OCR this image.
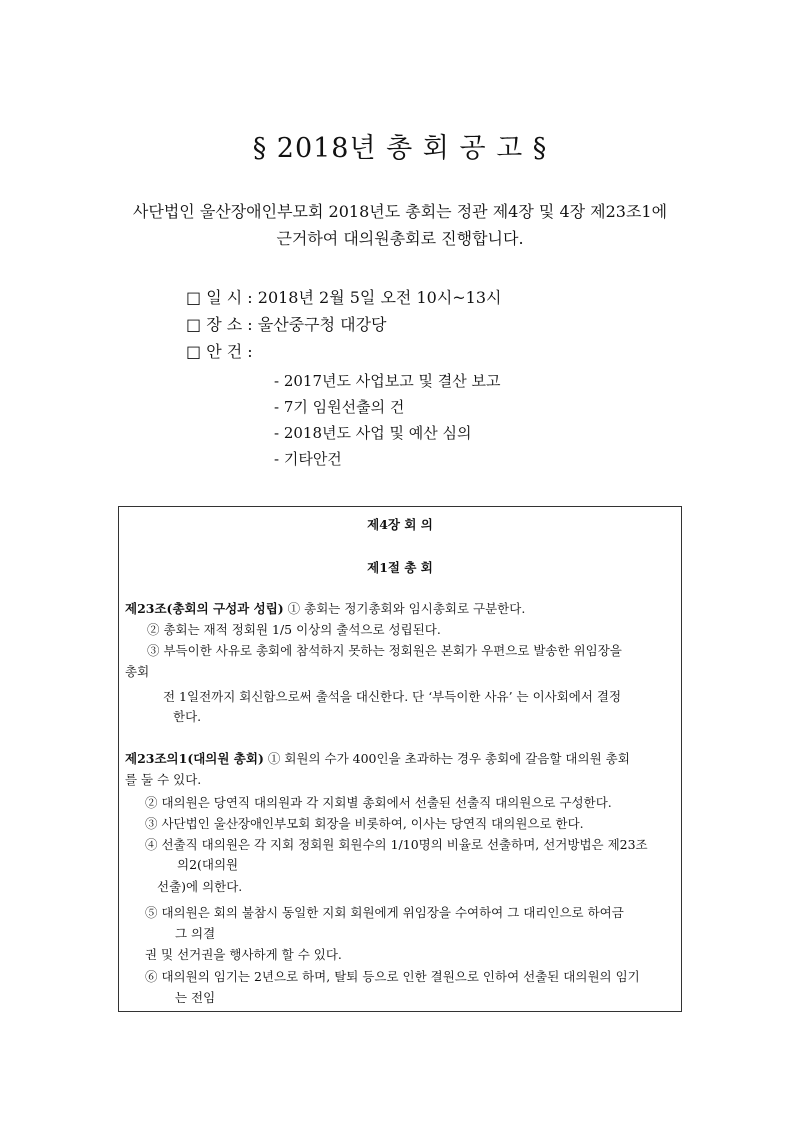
§ 2018년 총 회 공 고 §
사단법인 울산장애인부모회 2018년도 총회는 정관 제4장 및 4장 제23조1에
근거하여 대의원총회로 진행합니다.
□ 일 시 : 2018년 2월 5일 오전 10시~13시
□ 장 소 : 울산중구청 대강당
□ 안 건 :
- 2017년도 사업보고 및 결산 보고
- 7기 임원선출의 건
- 2018년도 사업 및 예산 심의
- 기타안건
제4장 회 의
제1절 총 회
제23조(총회의 구성과 성립) ① 총회는 정기총회와 임시총회로 구분한다.
② 총회는 재적 정회원 1/5 이상의 출석으로 성립된다.
③ 부득이한 사유로 총회에 참석하지 못하는 정회원은 본회가 우편으로 발송한 위임장을
총회
전 1일전까지 회신함으로써 출석을 대신한다. 단 ‘부득이한 사유’ 는 이사회에서 결정
한다.
제23조의1(대의원 총회) ① 회원의 수가 400인을 초과하는 경우 총회에 갈음할 대의원 총회
를 둘 수 있다.
② 대의원은 당연직 대의원과 각 지회별 총회에서 선출된 선출직 대의원으로 구성한다.
③ 사단법인 울산장애인부모회 회장을 비롯하여, 이사는 당연직 대의원으로 한다.
④ 선출직 대의원은 각 지회 정회원 회원수의 1/10명의 비율로 선출하며, 선거방법은 제23조
의2(대의원
선출)에 의한다.
⑤ 대의원은 회의 불참시 동일한 지회 회원에게 위임장을 수여하여 그 대리인으로 하여금
그 의결
권 및 선거권을 행사하게 할 수 있다.
⑥ 대의원의 임기는 2년으로 하며, 탈퇴 등으로 인한 결원으로 인하여 선출된 대의원의 임기
는 전임
